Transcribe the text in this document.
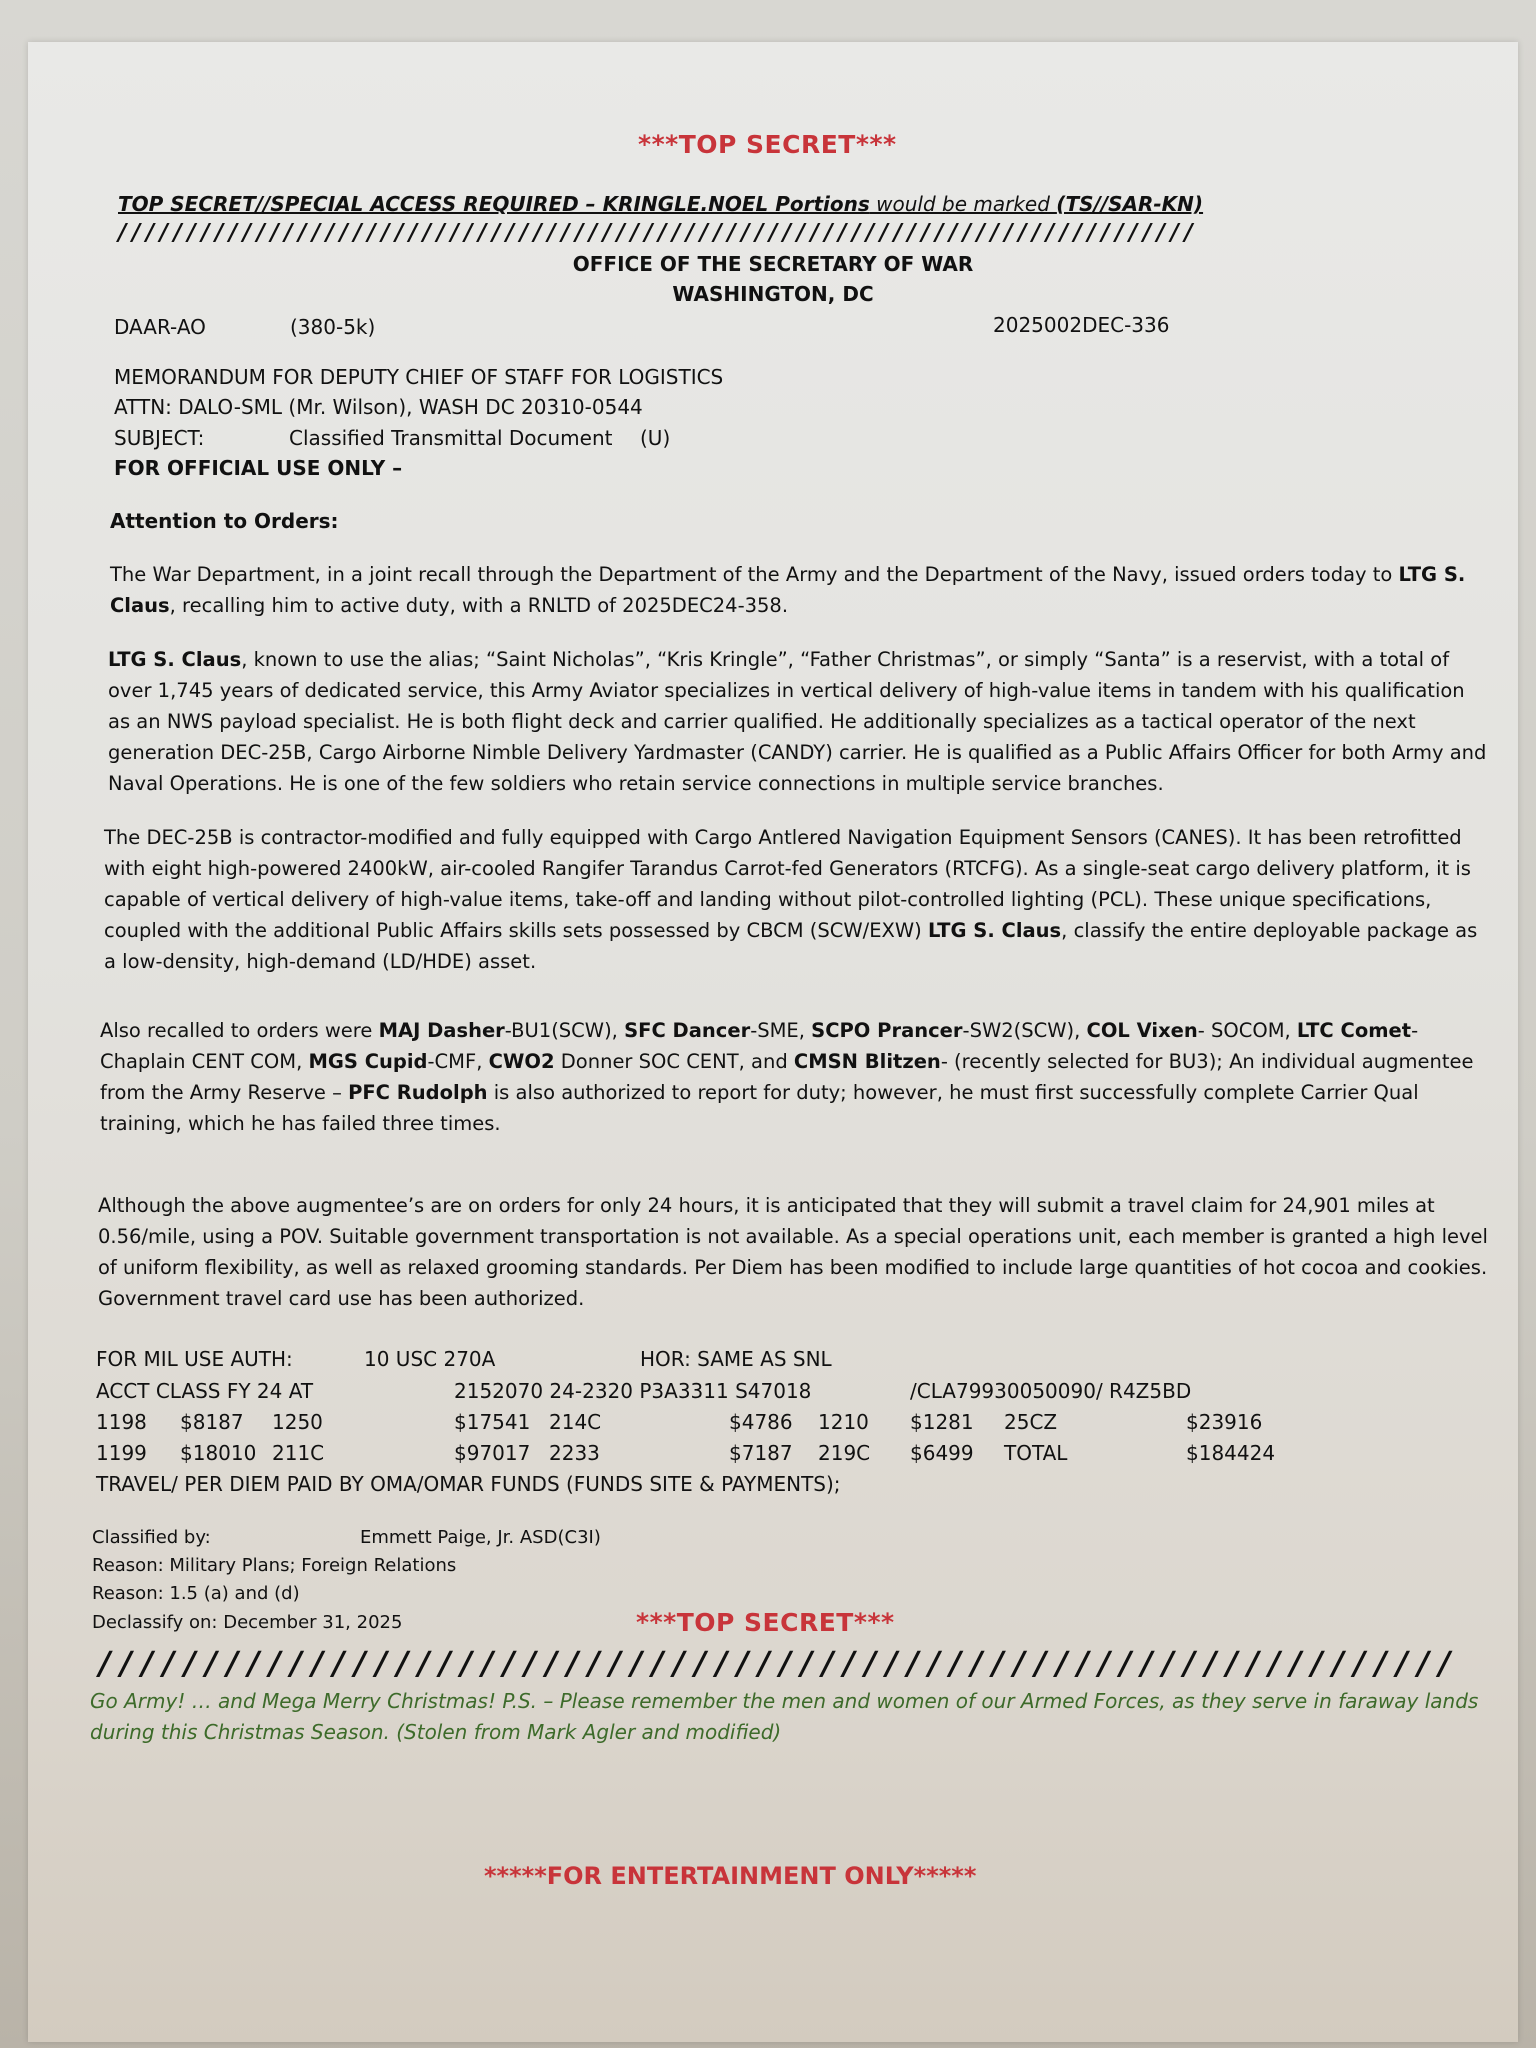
***TOP SECRET***
TOP SECRET//SPECIAL ACCESS REQUIRED – KRINGLE.NOEL Portions would be marked (TS//SAR-KN)
//////////////////////////////////////////////////////////////////////////////
OFFICE OF THE SECRETARY OF WAR
WASHINGTON, DC
DAAR-AO	(380-5k)	2025002DEC-336
MEMORANDUM FOR DEPUTY CHIEF OF STAFF FOR LOGISTICS
ATTN: DALO-SML (Mr. Wilson), WASH DC 20310-0544
SUBJECT:	Classified Transmittal Document (U)
FOR OFFICIAL USE ONLY –
Attention to Orders:
The War Department, in a joint recall through the Department of the Army and the Department of the Navy, issued orders today to LTG S. Claus, recalling him to active duty, with a RNLTD of 2025DEC24-358.
LTG S. Claus, known to use the alias; “Saint Nicholas”, “Kris Kringle”, “Father Christmas”, or simply “Santa” is a reservist, with a total of over 1,745 years of dedicated service, this Army Aviator specializes in vertical delivery of high-value items in tandem with his qualification as an NWS payload specialist. He is both flight deck and carrier qualified. He additionally specializes as a tactical operator of the next generation DEC-25B, Cargo Airborne Nimble Delivery Yardmaster (CANDY) carrier. He is qualified as a Public Affairs Officer for both Army and Naval Operations. He is one of the few soldiers who retain service connections in multiple service branches.
The DEC-25B is contractor-modified and fully equipped with Cargo Antlered Navigation Equipment Sensors (CANES). It has been retrofitted with eight high-powered 2400kW, air-cooled Rangifer Tarandus Carrot-fed Generators (RTCFG). As a single-seat cargo delivery platform, it is capable of vertical delivery of high-value items, take-off and landing without pilot-controlled lighting (PCL). These unique specifications, coupled with the additional Public Affairs skills sets possessed by CBCM (SCW/EXW) LTG S. Claus, classify the entire deployable package as a low-density, high-demand (LD/HDE) asset.
Also recalled to orders were MAJ Dasher-BU1(SCW), SFC Dancer-SME, SCPO Prancer-SW2(SCW), COL Vixen- SOCOM, LTC Comet-Chaplain CENT COM, MGS Cupid-CMF, CWO2 Donner SOC CENT, and CMSN Blitzen- (recently selected for BU3); An individual augmentee from the Army Reserve – PFC Rudolph is also authorized to report for duty; however, he must first successfully complete Carrier Qual training, which he has failed three times.
Although the above augmentee’s are on orders for only 24 hours, it is anticipated that they will submit a travel claim for 24,901 miles at 0.56/mile, using a POV. Suitable government transportation is not available. As a special operations unit, each member is granted a high level of uniform flexibility, as well as relaxed grooming standards. Per Diem has been modified to include large quantities of hot cocoa and cookies. Government travel card use has been authorized.
FOR MIL USE AUTH:	10 USC 270A	HOR: SAME AS SNL
ACCT CLASS FY 24 AT	2152070 24-2320 P3A3311 S47018	/CLA79930050090/ R4Z5BD
1198 $8187 1250	$17541 214C	$4786 1210 $1281 25CZ	$23916
1199 $18010 211C	$97017 2233	$7187 219C $6499 TOTAL	$184424
TRAVEL/ PER DIEM PAID BY OMA/OMAR FUNDS (FUNDS SITE & PAYMENTS);
Classified by:	Emmett Paige, Jr. ASD(C3I)
Reason: Military Plans; Foreign Relations
Reason: 1.5 (a) and (d)
Declassify on: December 31, 2025	***TOP SECRET***
////////////////////////////////////////////////////////////////
Go Army! … and Mega Merry Christmas! P.S. – Please remember the men and women of our Armed Forces, as they serve in faraway lands during this Christmas Season. (Stolen from Mark Agler and modified)
*****FOR ENTERTAINMENT ONLY*****
